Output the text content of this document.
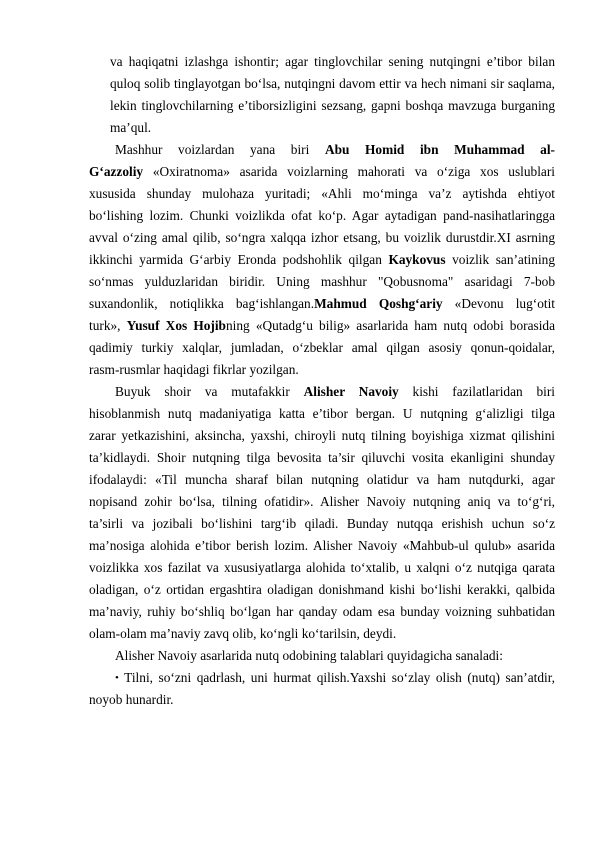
va haqiqatni izlashga ishontir; agar tinglovchilar sening nutqingni e’tibor bilan
quloq solib tinglayotgan bo‘lsa, nutqingni davom ettir va hech nimani sir saqlama,
lekin tinglovchilarning e’tiborsizligini sezsang, gapni boshqa mavzuga burganing
ma’qul.
Mashhur voizlardan yana biri Abu Homid ibn Muhammad al-
G‘azzoliy «Oxiratnoma» asarida voizlarning mahorati va o‘ziga xos uslublari
xususida shunday mulohaza yuritadi; «Ahli mo‘minga va’z aytishda ehtiyot
bo‘lishing lozim. Chunki voizlikda ofat ko‘p. Agar aytadigan pand-nasihatlaringga
avval o‘zing amal qilib, so‘ngra xalqqa izhor etsang, bu voizlik durustdir.XI asrning
ikkinchi yarmida G‘arbiy Eronda podshohlik qilgan Kaykovus voizlik san’atining
so‘nmas yulduzlaridan biridir. Uning mashhur "Qobusnoma" asaridagi 7-bob
suxandonlik, notiqlikka bag‘ishlangan.Mahmud Qoshg‘ariy «Devonu lug‘otit
turk», Yusuf Xos Hojibning «Qutadg‘u bilig» asarlarida ham nutq odobi borasida
qadimiy turkiy xalqlar, jumladan, o‘zbeklar amal qilgan asosiy qonun-qoidalar,
rasm-rusmlar haqidagi fikrlar yozilgan.
Buyuk shoir va mutafakkir Alisher Navoiy kishi fazilatlaridan biri
hisoblanmish nutq madaniyatiga katta e’tibor bergan. U nutqning g‘alizligi tilga
zarar yetkazishini, aksincha, yaxshi, chiroyli nutq tilning boyishiga xizmat qilishini
ta’kidlaydi. Shoir nutqning tilga bevosita ta’sir qiluvchi vosita ekanligini shunday
ifodalaydi: «Til muncha sharaf bilan nutqning olatidur va ham nutqdurki, agar
nopisand zohir bo‘lsa, tilning ofatidir». Alisher Navoiy nutqning aniq va to‘g‘ri,
ta’sirli va jozibali bo‘lishini targ‘ib qiladi. Bunday nutqqa erishish uchun so‘z
ma’nosiga alohida e’tibor berish lozim. Alisher Navoiy «Mahbub-ul qulub» asarida
voizlikka xos fazilat va xususiyatlarga alohida to‘xtalib, u xalqni o‘z nutqiga qarata
oladigan, o‘z ortidan ergashtira oladigan donishmand kishi bo‘lishi kerakki, qalbida
ma’naviy, ruhiy bo‘shliq bo‘lgan har qanday odam esa bunday voizning suhbatidan
olam-olam ma’naviy zavq olib, ko‘ngli ko‘tarilsin, deydi.
Alisher Navoiy asarlarida nutq odobining talablari quyidagicha sanaladi:
• Tilni, so‘zni qadrlash, uni hurmat qilish.Yaxshi so‘zlay olish (nutq) san’atdir,
noyob hunardir.
